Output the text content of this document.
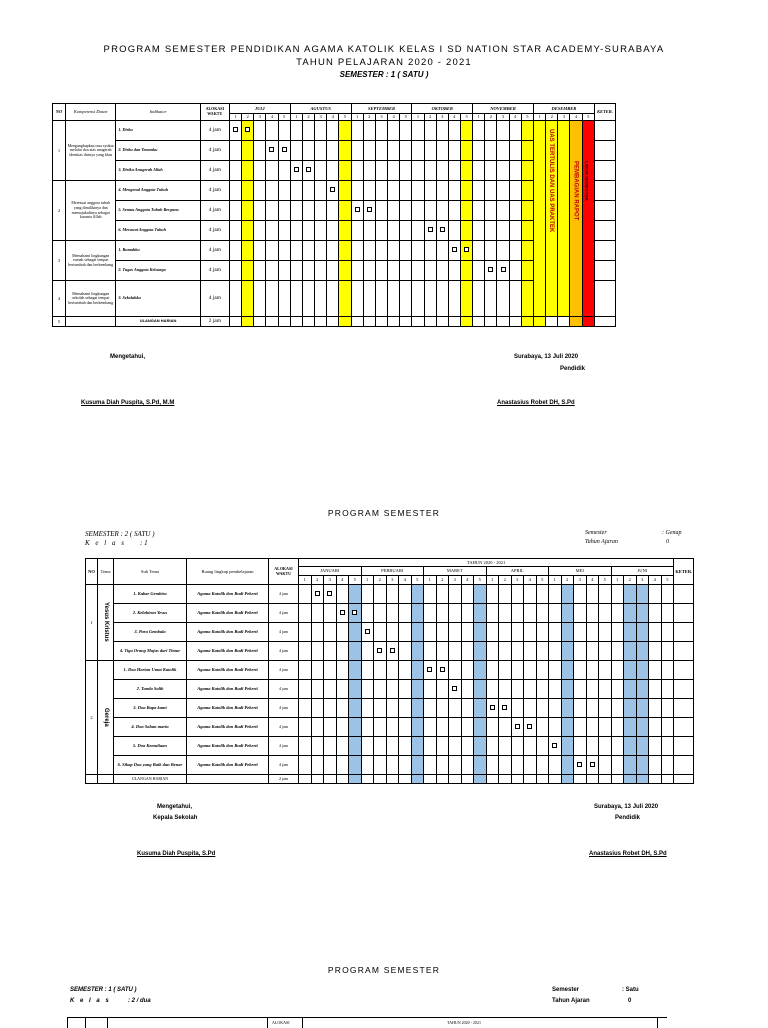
PROGRAM SEMESTER PENDIDIKAN AGAMA KATOLIK KELAS I SD NATION STAR ACADEMY-SURABAYA
TAHUN PELAJARAN 2020 - 2021
SEMESTER : 1 ( SATU )
NO	Kompetensi Dasar	Indikator	ALOKASI WAKTU	JULI					AGUSTUS					SEPTEMBER					OKTOBER					NOVEMBER					DESEMBER					KETER.
				1	2	3	4	5	1	2	3	4	5	1	2	3	4	5	1	2	3	4	5	1	2	3	4	5	1	2	3	4	5	
1	Mengungkapkan rasa syukur melalui doa atas anugerah identitas dirinya yang khas	1. Dirku	4 jam																											UAS TERTULIS DAN UAS PRAKTEK		PEMBAGIAN RAPOT	LIBUR SEMESTER	

		2. Dirku dan Temanku	4 jam																															
		3. Diriku Anugerah Allah	4 jam																															
2	Meresuai anggota tubuh yang dimilikinya dan memujukulinya sebagai karunia Allah	4. Mengenal Anggota Tubuh	4 jam																															
		5. Semua Anggota Tubuh Berguna	4 jam																															
		6. Merawat Anggota Tubuh	4 jam																															
3	Memahami lingkungan rumah sebagai tempat bertumbuh dan berkembang	1. Rumahku	4 jam																															
		2. Tugas Anggota Keluarga	4 jam																															
4	Memahami lingkungan sekolah sebagai tempat bertumbuh dan berkembang	3. Sekolahku	4 jam																															
5		ULANGAN HARIAN	2 jam																															
Mengetahui,
Kusuma Diah Puspita, S.Pd, M.M
Surabaya, 13 Juli 2020
Pendidik
Anastasius Robet DH, S.Pd
PROGRAM SEMESTER
SEMESTER : 2 ( SATU )
K e l a s : 1
Semester	: Genap
Tahun Ajaran	0
NO	Tema	Sub Tema	Ruang lingkup pembelajaran	ALOKASI WAKTU	TAHUN 2020 - 2021																														KETER.
					JANUARI					PEBRUARI					MARET					APRIL					MEI					JUNI					
					1	2	3	4	5	1	2	3	4	5	1	2	3	4	5	1	2	3	4	5	1	2	3	4	5	1	2	3	4	5	
1	Yesus Kristus	1. Kabar Gembira	Agama Katolik dan Budi Pekerti	4 jam																															
		2. Kelahiran Yesus	Agama Katolik dan Budi Pekerti	4 jam																															
		3. Para Gembala	Agama Katolik dan Budi Pekerti	4 jam																															
		4. Tiga Orang Majus dari Timur	Agama Katolik dan Budi Pekerti	4 jam																															
2	Gereja	1. Doa Harian Umat Katolik	Agama Katolik dan Budi Pekerti	4 jam																															
		2. Tanda Salib	Agama Katolik dan Budi Pekerti	4 jam																															
		3. Doa Bapa kami	Agama Katolik dan Budi Pekerti	4 jam																															
		4. Doa Salam maria	Agama Katolik dan Budi Pekerti	4 jam																															
		5. Doa Kemuliaan	Agama Katolik dan Budi Pekerti	4 jam																															
		6. Sikap Doa yang Baik dan Benar	Agama Katolik dan Budi Pekerti	4 jam																															
		ULANGAN HARIAN		2 jam																															
Mengetahui,
Kepala Sekolah
Kusuma Diah Puspita, S.Pd
Surabaya, 13 Juli 2020
Pendidik
Anastasius Robet DH, S.Pd
PROGRAM SEMESTER
SEMESTER : 1 ( SATU )
K e l a s	: 2 / dua
Semester	: Satu
Tahun Ajaran	0
ALOKASI	TAHUN 2020 - 2021
